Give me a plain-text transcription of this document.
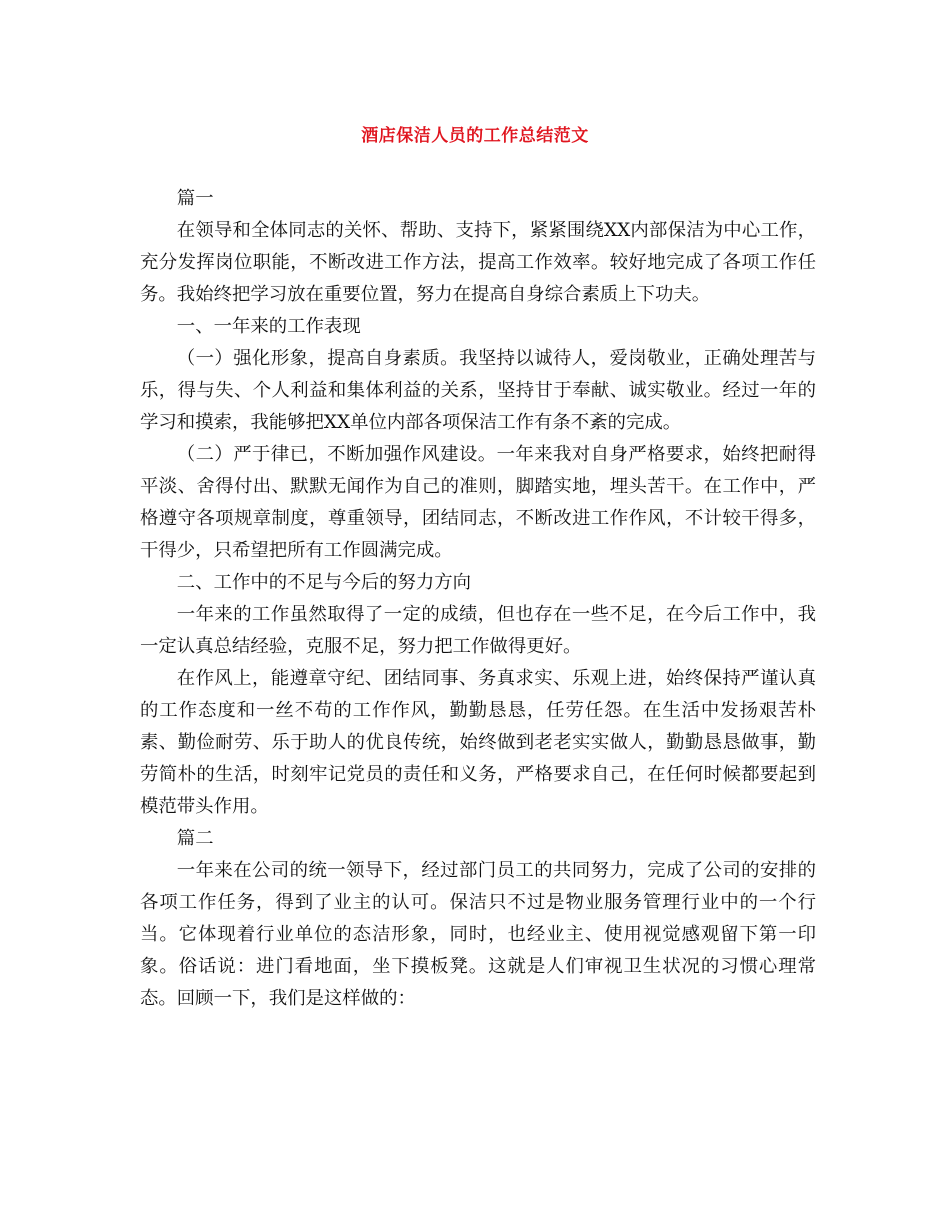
酒店保洁人员的工作总结范文

篇一

在领导和全体同志的关怀、帮助、支持下，紧紧围绕XX内部保洁为中心工作，充分发挥岗位职能，不断改进工作方法，提高工作效率。较好地完成了各项工作任务。我始终把学习放在重要位置，努力在提高自身综合素质上下功夫。

一、一年来的工作表现

（一）强化形象，提高自身素质。我坚持以诚待人，爱岗敬业，正确处理苦与乐，得与失、个人利益和集体利益的关系，坚持甘于奉献、诚实敬业。经过一年的学习和摸索，我能够把XX单位内部各项保洁工作有条不紊的完成。

（二）严于律已，不断加强作风建设。一年来我对自身严格要求，始终把耐得平淡、舍得付出、默默无闻作为自己的准则，脚踏实地，埋头苦干。在工作中，严格遵守各项规章制度，尊重领导，团结同志，不断改进工作作风，不计较干得多，干得少，只希望把所有工作圆满完成。

二、工作中的不足与今后的努力方向

一年来的工作虽然取得了一定的成绩，但也存在一些不足，在今后工作中，我一定认真总结经验，克服不足，努力把工作做得更好。

在作风上，能遵章守纪、团结同事、务真求实、乐观上进，始终保持严谨认真的工作态度和一丝不苟的工作作风，勤勤恳恳，任劳任怨。在生活中发扬艰苦朴素、勤俭耐劳、乐于助人的优良传统，始终做到老老实实做人，勤勤恳恳做事，勤劳简朴的生活，时刻牢记党员的责任和义务，严格要求自己，在任何时候都要起到模范带头作用。

篇二

一年来在公司的统一领导下，经过部门员工的共同努力，完成了公司的安排的各项工作任务，得到了业主的认可。保洁只不过是物业服务管理行业中的一个行当。它体现着行业单位的态洁形象，同时，也经业主、使用视觉感观留下第一印象。俗话说：进门看地面，坐下摸板凳。这就是人们审视卫生状况的习惯心理常态。回顾一下，我们是这样做的：
